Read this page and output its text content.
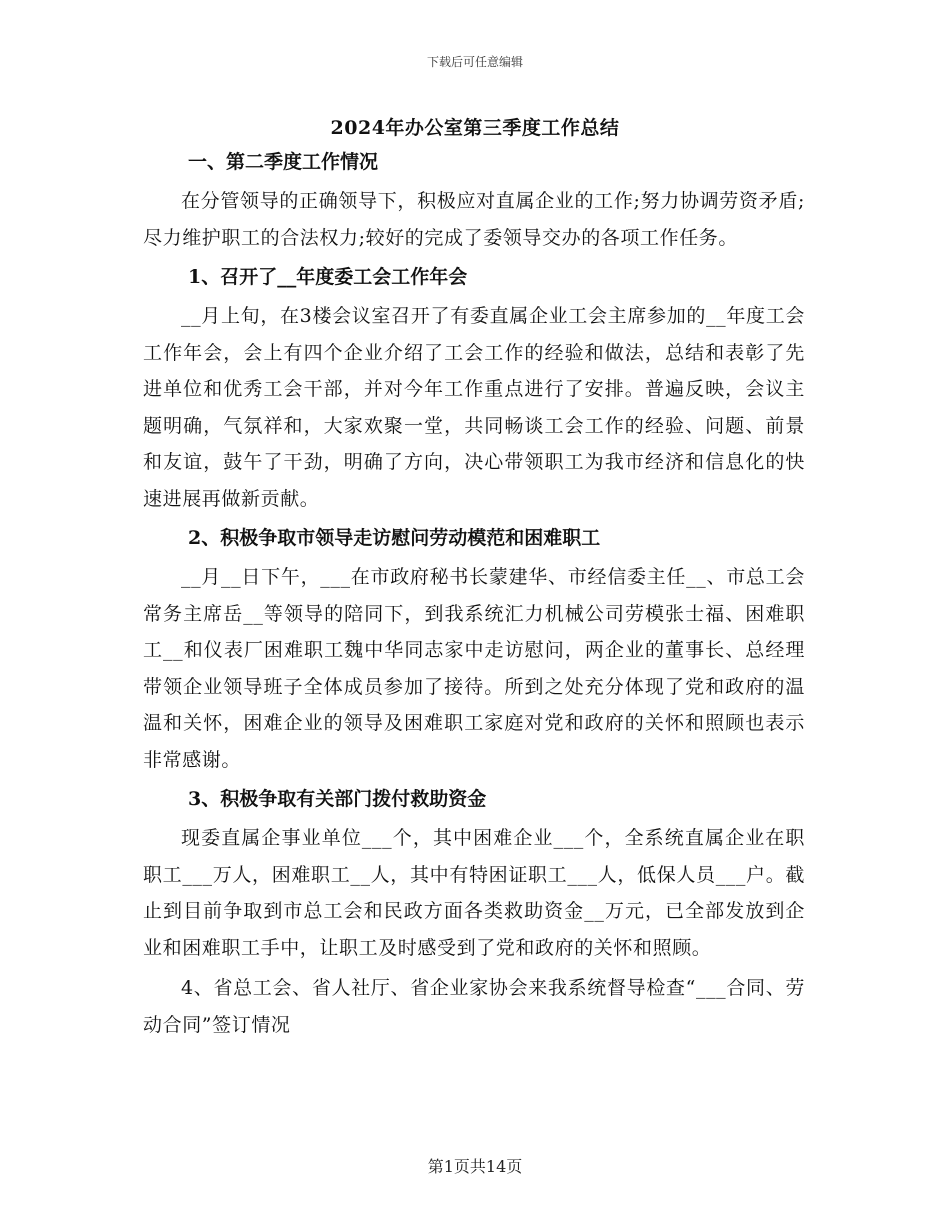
下载后可任意编辑
2024年办公室第三季度工作总结
一、第二季度工作情况

在分管领导的正确领导下，积极应对直属企业的工作;努力协调劳资矛盾;尽力维护职工的合法权力;较好的完成了委领导交办的各项工作任务。

1、召开了__年度委工会工作年会

__月上旬，在3楼会议室召开了有委直属企业工会主席参加的__年度工会工作年会，会上有四个企业介绍了工会工作的经验和做法，总结和表彰了先进单位和优秀工会干部，并对今年工作重点进行了安排。普遍反映，会议主题明确，气氛祥和，大家欢聚一堂，共同畅谈工会工作的经验、问题、前景和友谊，鼓午了干劲，明确了方向，决心带领职工为我市经济和信息化的快速进展再做新贡献。

2、积极争取市领导走访慰问劳动模范和困难职工

__月__日下午，___在市政府秘书长蒙建华、市经信委主任__、市总工会常务主席岳__等领导的陪同下，到我系统汇力机械公司劳模张士福、困难职工__和仪表厂困难职工魏中华同志家中走访慰问，两企业的董事长、总经理带领企业领导班子全体成员参加了接待。所到之处充分体现了党和政府的温温和关怀，困难企业的领导及困难职工家庭对党和政府的关怀和照顾也表示非常感谢。

3、积极争取有关部门拨付救助资金

现委直属企事业单位___个，其中困难企业___个，全系统直属企业在职职工___万人，困难职工__人，其中有特困证职工___人，低保人员___户。截止到目前争取到市总工会和民政方面各类救助资金__万元，已全部发放到企业和困难职工手中，让职工及时感受到了党和政府的关怀和照顾。

4、省总工会、省人社厅、省企业家协会来我系统督导检查“___合同、劳动合同”签订情况

第1页共14页
